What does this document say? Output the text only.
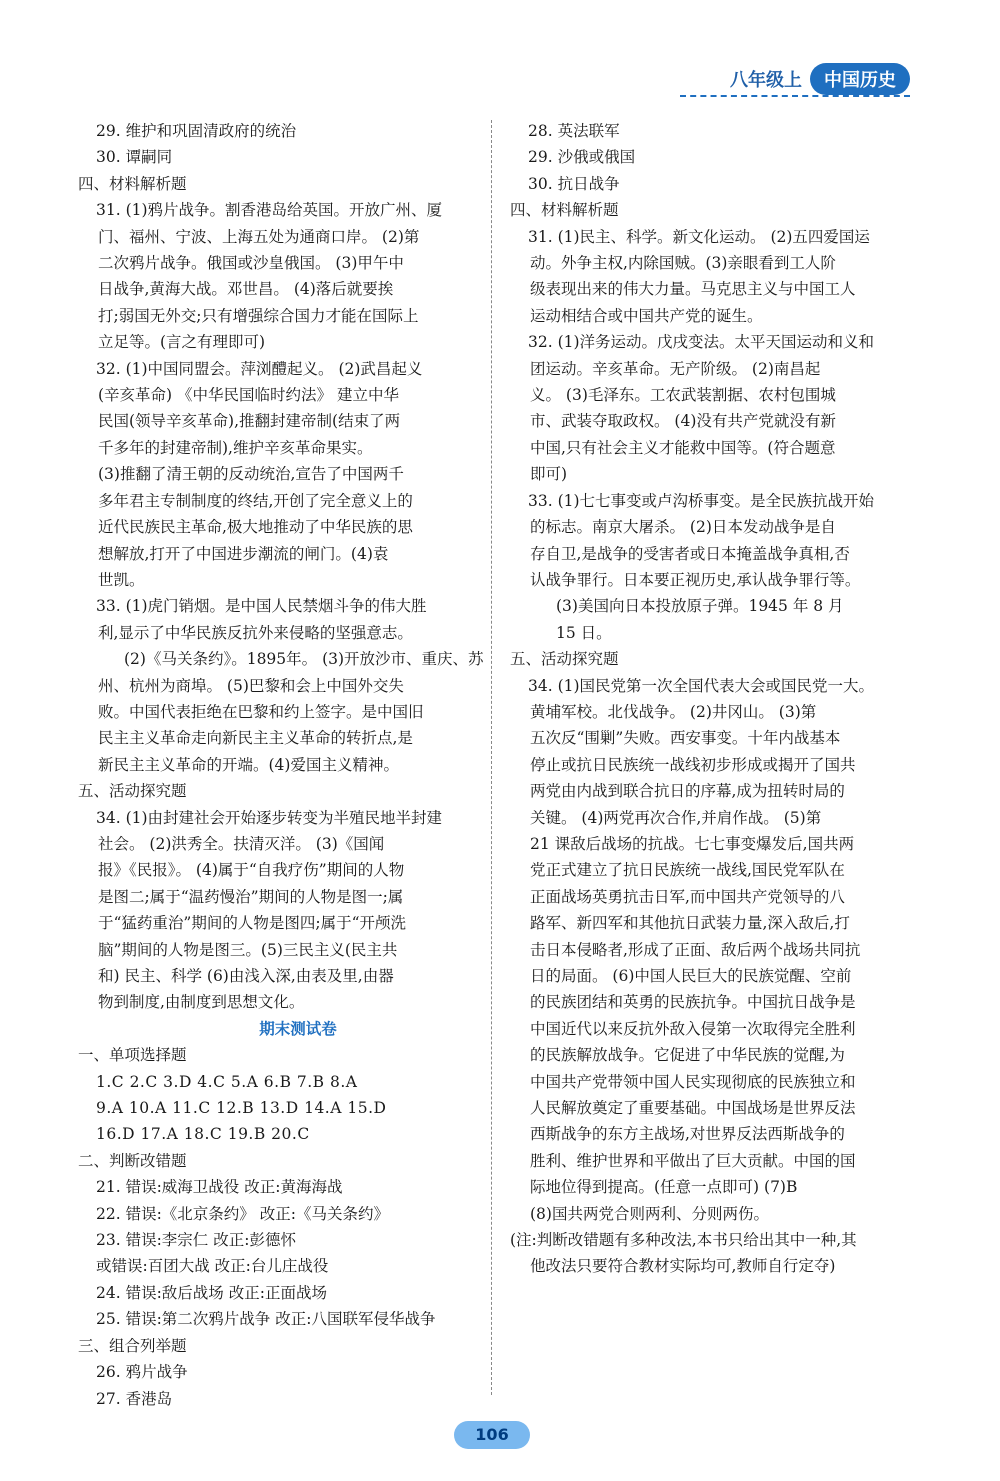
八年级上	中国历史
29. 维护和巩固清政府的统治
30. 谭嗣同
四、材料解析题
31. (1)鸦片战争。割香港岛给英国。开放广州、厦
门、福州、宁波、上海五处为通商口岸。 (2)第
二次鸦片战争。俄国或沙皇俄国。 (3)甲午中
日战争,黄海大战。邓世昌。 (4)落后就要挨
打;弱国无外交;只有增强综合国力才能在国际上
立足等。(言之有理即可)
32. (1)中国同盟会。萍浏醴起义。 (2)武昌起义
(辛亥革命) 《中华民国临时约法》 建立中华
民国(领导辛亥革命),推翻封建帝制(结束了两
千多年的封建帝制),维护辛亥革命果实。
(3)推翻了清王朝的反动统治,宣告了中国两千
多年君主专制制度的终结,开创了完全意义上的
近代民族民主革命,极大地推动了中华民族的思
想解放,打开了中国进步潮流的闸门。(4)袁
世凯。
33. (1)虎门销烟。是中国人民禁烟斗争的伟大胜
利,显示了中华民族反抗外来侵略的坚强意志。
(2)《马关条约》。1895年。 (3)开放沙市、重庆、苏
州、杭州为商埠。 (5)巴黎和会上中国外交失
败。中国代表拒绝在巴黎和约上签字。是中国旧
民主主义革命走向新民主主义革命的转折点,是
新民主主义革命的开端。(4)爱国主义精神。
五、活动探究题
34. (1)由封建社会开始逐步转变为半殖民地半封建
社会。 (2)洪秀全。扶清灭洋。 (3)《国闻
报》《民报》。 (4)属于“自我疗伤”期间的人物
是图二;属于“温药慢治”期间的人物是图一;属
于“猛药重治”期间的人物是图四;属于“开颅洗
脑”期间的人物是图三。(5)三民主义(民主共
和) 民主、科学 (6)由浅入深,由表及里,由器
物到制度,由制度到思想文化。
期末测试卷
一、单项选择题
1.C 2.C 3.D 4.C 5.A 6.B 7.B 8.A
9.A 10.A 11.C 12.B 13.D 14.A 15.D
16.D 17.A 18.C 19.B 20.C
二、判断改错题
21. 错误:威海卫战役 改正:黄海海战
22. 错误:《北京条约》 改正:《马关条约》
23. 错误:李宗仁 改正:彭德怀
或错误:百团大战 改正:台儿庄战役
24. 错误:敌后战场 改正:正面战场
25. 错误:第二次鸦片战争 改正:八国联军侵华战争
三、组合列举题
26. 鸦片战争
27. 香港岛
28. 英法联军
29. 沙俄或俄国
30. 抗日战争
四、材料解析题
31. (1)民主、科学。新文化运动。 (2)五四爱国运
动。外争主权,内除国贼。(3)亲眼看到工人阶
级表现出来的伟大力量。马克思主义与中国工人
运动相结合或中国共产党的诞生。
32. (1)洋务运动。戊戌变法。太平天国运动和义和
团运动。辛亥革命。无产阶级。 (2)南昌起
义。 (3)毛泽东。工农武装割据、农村包围城
市、武装夺取政权。 (4)没有共产党就没有新
中国,只有社会主义才能救中国等。(符合题意
即可)
33. (1)七七事变或卢沟桥事变。是全民族抗战开始
的标志。南京大屠杀。 (2)日本发动战争是自
存自卫,是战争的受害者或日本掩盖战争真相,否
认战争罪行。日本要正视历史,承认战争罪行等。
(3)美国向日本投放原子弹。1945 年 8 月
15 日。
五、活动探究题
34. (1)国民党第一次全国代表大会或国民党一大。
黄埔军校。北伐战争。 (2)井冈山。 (3)第
五次反“围剿”失败。西安事变。十年内战基本
停止或抗日民族统一战线初步形成或揭开了国共
两党由内战到联合抗日的序幕,成为扭转时局的
关键。 (4)两党再次合作,并肩作战。 (5)第
21 课敌后战场的抗战。七七事变爆发后,国共两
党正式建立了抗日民族统一战线,国民党军队在
正面战场英勇抗击日军,而中国共产党领导的八
路军、新四军和其他抗日武装力量,深入敌后,打
击日本侵略者,形成了正面、敌后两个战场共同抗
日的局面。 (6)中国人民巨大的民族觉醒、空前
的民族团结和英勇的民族抗争。中国抗日战争是
中国近代以来反抗外敌入侵第一次取得完全胜利
的民族解放战争。它促进了中华民族的觉醒,为
中国共产党带领中国人民实现彻底的民族独立和
人民解放奠定了重要基础。中国战场是世界反法
西斯战争的东方主战场,对世界反法西斯战争的
胜利、维护世界和平做出了巨大贡献。中国的国
际地位得到提高。(任意一点即可) (7)B
(8)国共两党合则两利、分则两伤。
(注:判断改错题有多种改法,本书只给出其中一种,其
他改法只要符合教材实际均可,教师自行定夺)
106
